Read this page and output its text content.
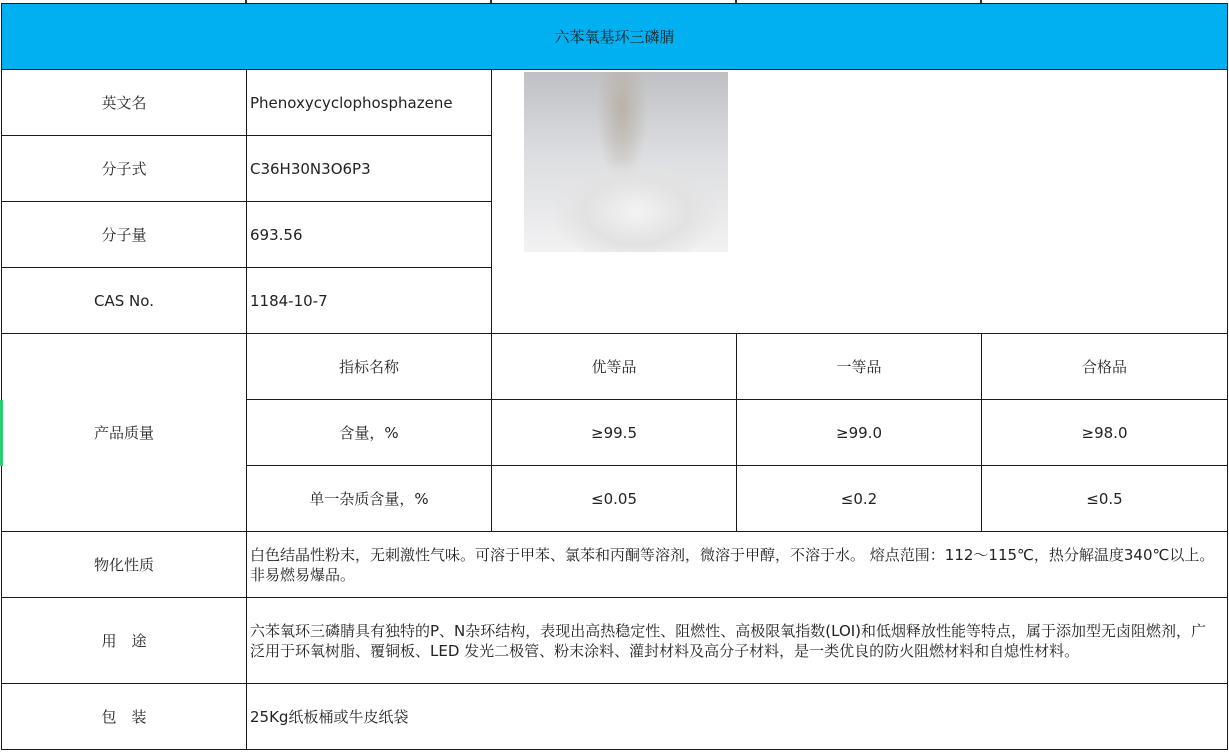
六苯氧基环三磷腈				
英文名	Phenoxycyclophosphazene			

分子式	C36H30N3O6P3			
分子量	693.56			
CAS No.	1184-10-7			
产品质量	指标名称	优等品	一等品	合格品
	含量，%	≥99.5	≥99.0	≥98.0
	单一杂质含量，%	≤0.05	≤0.2	≤0.5
物化性质	白色结晶性粉末，无刺激性气味。可溶于甲苯、氯苯和丙酮等溶剂，微溶于甲醇，不溶于水。 熔点范围：112～115℃，热分解温度340℃以上。非易燃易爆品。			
用　途	六苯氧环三磷腈具有独特的P、N杂环结构，表现出高热稳定性、阻燃性、高极限氧指数(LOI)和低烟释放性能等特点，属于添加型无卤阻燃剂，广泛用于环氧树脂、覆铜板、LED 发光二极管、粉末涂料、灌封材料及高分子材料，是一类优良的防火阻燃材料和自熄性材料。			
包　装	25Kg纸板桶或牛皮纸袋			
